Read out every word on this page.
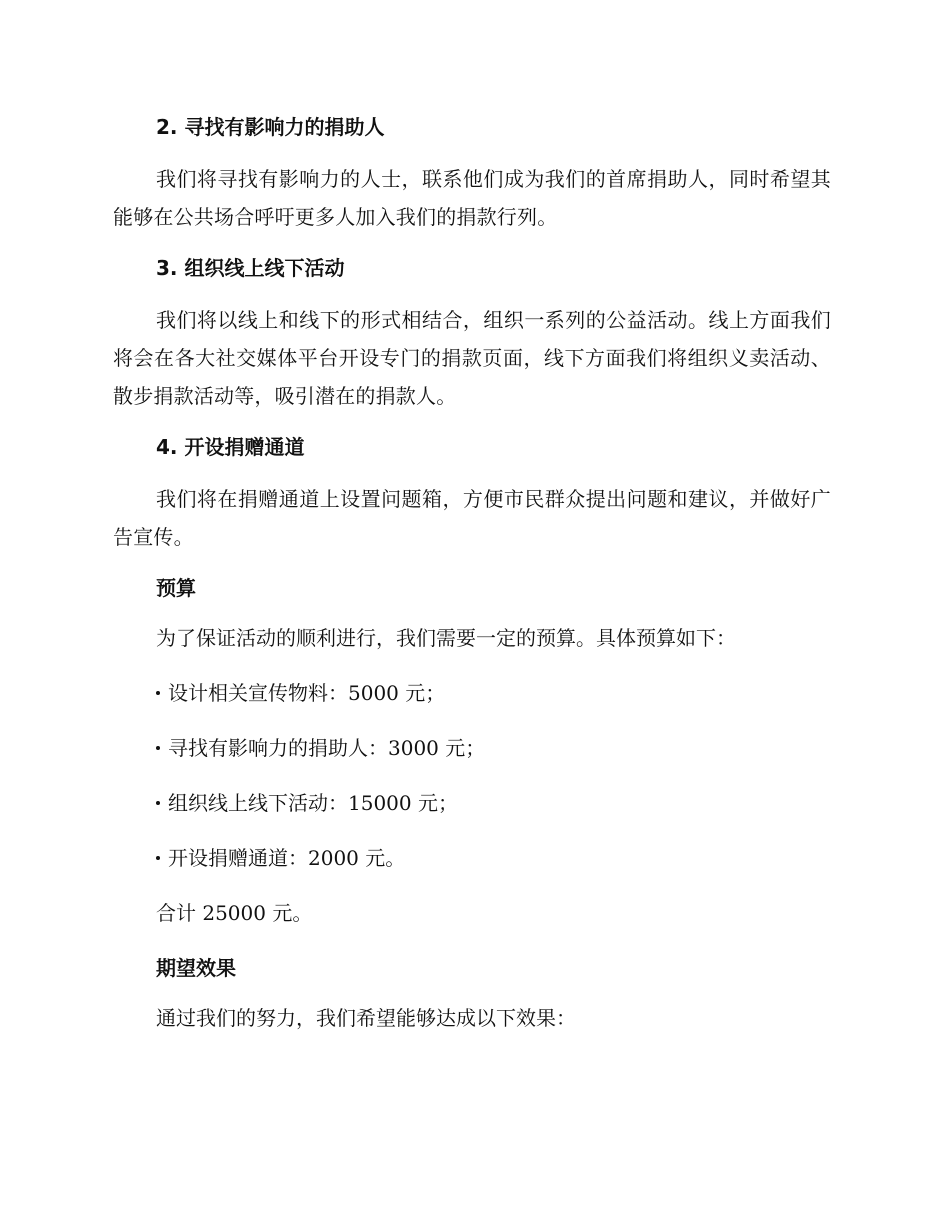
2. 寻找有影响力的捐助人

我们将寻找有影响力的人士，联系他们成为我们的首席捐助人，同时希望其能够在公共场合呼吁更多人加入我们的捐款行列。

3. 组织线上线下活动

我们将以线上和线下的形式相结合，组织一系列的公益活动。线上方面我们将会在各大社交媒体平台开设专门的捐款页面，线下方面我们将组织义卖活动、散步捐款活动等，吸引潜在的捐款人。

4. 开设捐赠通道

我们将在捐赠通道上设置问题箱，方便市民群众提出问题和建议，并做好广告宣传。

预算
为了保证活动的顺利进行，我们需要一定的预算。具体预算如下：
设计相关宣传物料：5000 元；
寻找有影响力的捐助人：3000 元；
组织线上线下活动：15000 元；
开设捐赠通道：2000 元。
合计 25000 元。
期望效果
通过我们的努力，我们希望能够达成以下效果：
